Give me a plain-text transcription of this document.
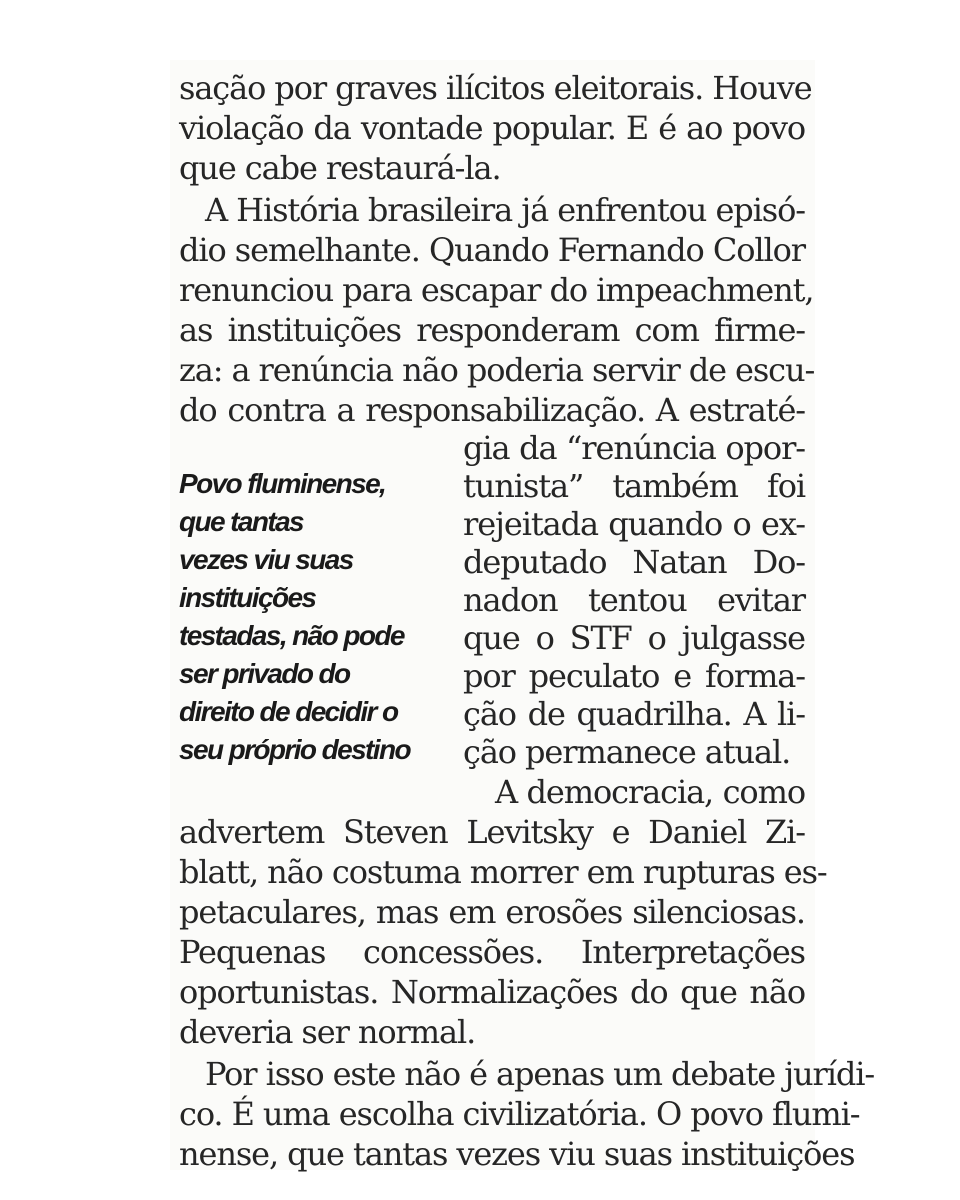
sação por graves ilícitos eleitorais. Houve

violação da vontade popular. E é ao povo

que cabe restaurá-la.

A História brasileira já enfrentou episó-

dio semelhante. Quando Fernando Collor

renunciou para escapar do impeachment,

as instituições responderam com firme-

za: a renúncia não poderia servir de escu-

do contra a responsabilização. A estraté-

Povo fluminense,

que tantas

vezes viu suas

instituições

testadas, não pode

ser privado do

direito de decidir o

seu próprio destino

gia da “renúncia opor-

tunista” também foi

rejeitada quando o ex-

deputado Natan Do-

nadon tentou evitar

que o STF o julgasse

por peculato e forma-

ção de quadrilha. A li-

ção permanece atual.

A democracia, como

advertem Steven Levitsky e Daniel Zi-

blatt, não costuma morrer em rupturas es-

petaculares, mas em erosões silenciosas.

Pequenas concessões. Interpretações

oportunistas. Normalizações do que não

deveria ser normal.

Por isso este não é apenas um debate jurídi-

co. É uma escolha civilizatória. O povo flumi-

nense, que tantas vezes viu suas instituições
